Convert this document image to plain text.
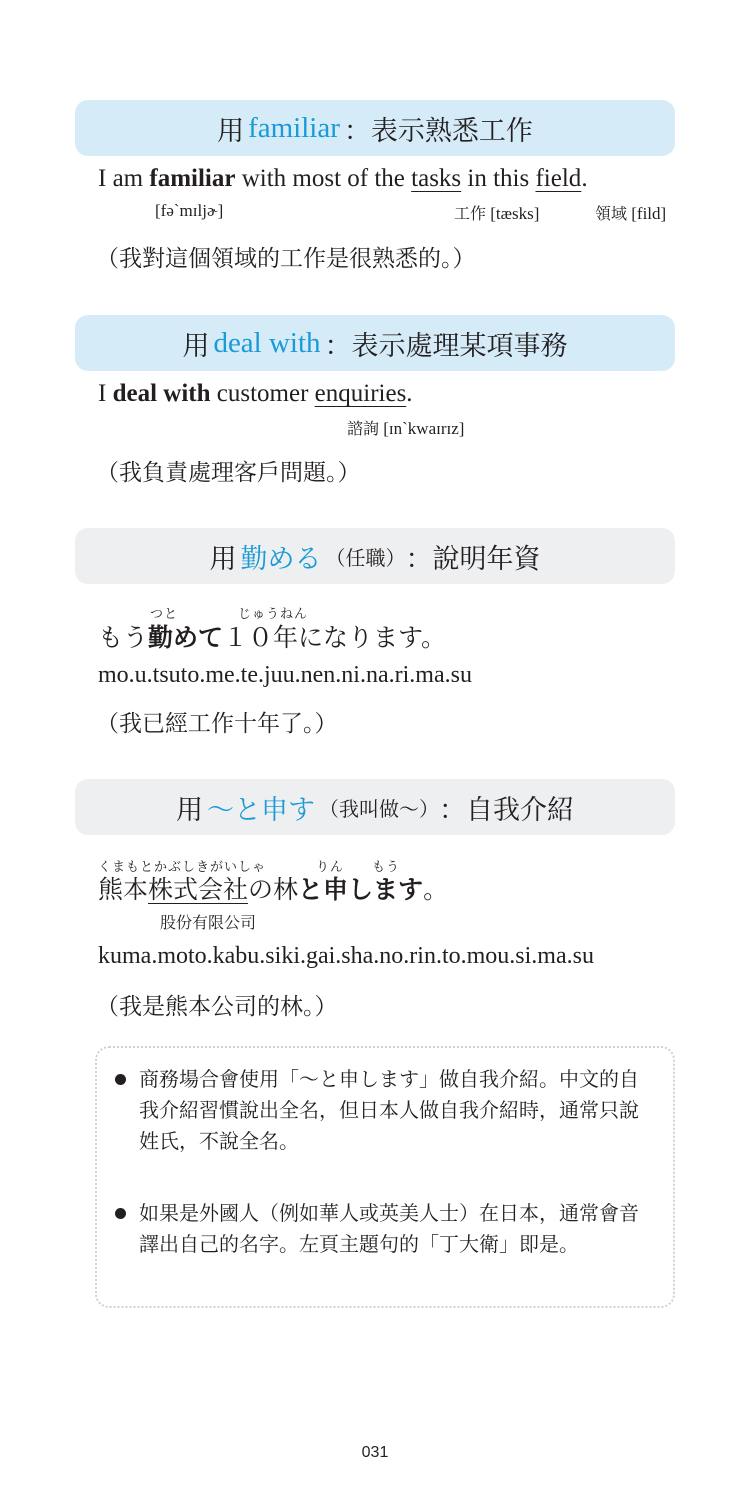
用 familiar ：表示熟悉工作
I am familiar with most of the tasks in this field.
[fəˋmɪljɚ]	工作 [tæsks]	領域 [fild]
（我對這個領域的工作是很熟悉的。）
用 deal with ：表示處理某項事務
I deal with customer enquiries.
諮詢 [ɪnˋkwaɪrɪz]
（我負責處理客戶問題。）
用 勤める （任職） ：說明年資
つと	じゅうねん
もう勤めて１０年になります。
mo.u.tsuto.me.te.juu.nen.ni.na.ri.ma.su
（我已經工作十年了。）
用 ～と申す （我叫做～） ：自我介紹
くまもとかぶしきがいしゃ	りん もう
熊本株式会社の林と申します。
股份有限公司
kuma.moto.kabu.siki.gai.sha.no.rin.to.mou.si.ma.su
（我是熊本公司的林。）
商務場合會使用「～と申します」做自我介紹。中文的自我介紹習慣說出全名，但日本人做自我介紹時，通常只說姓氏，不說全名。
如果是外國人（例如華人或英美人士）在日本，通常會音譯出自己的名字。左頁主題句的「丁大衛」即是。
031
